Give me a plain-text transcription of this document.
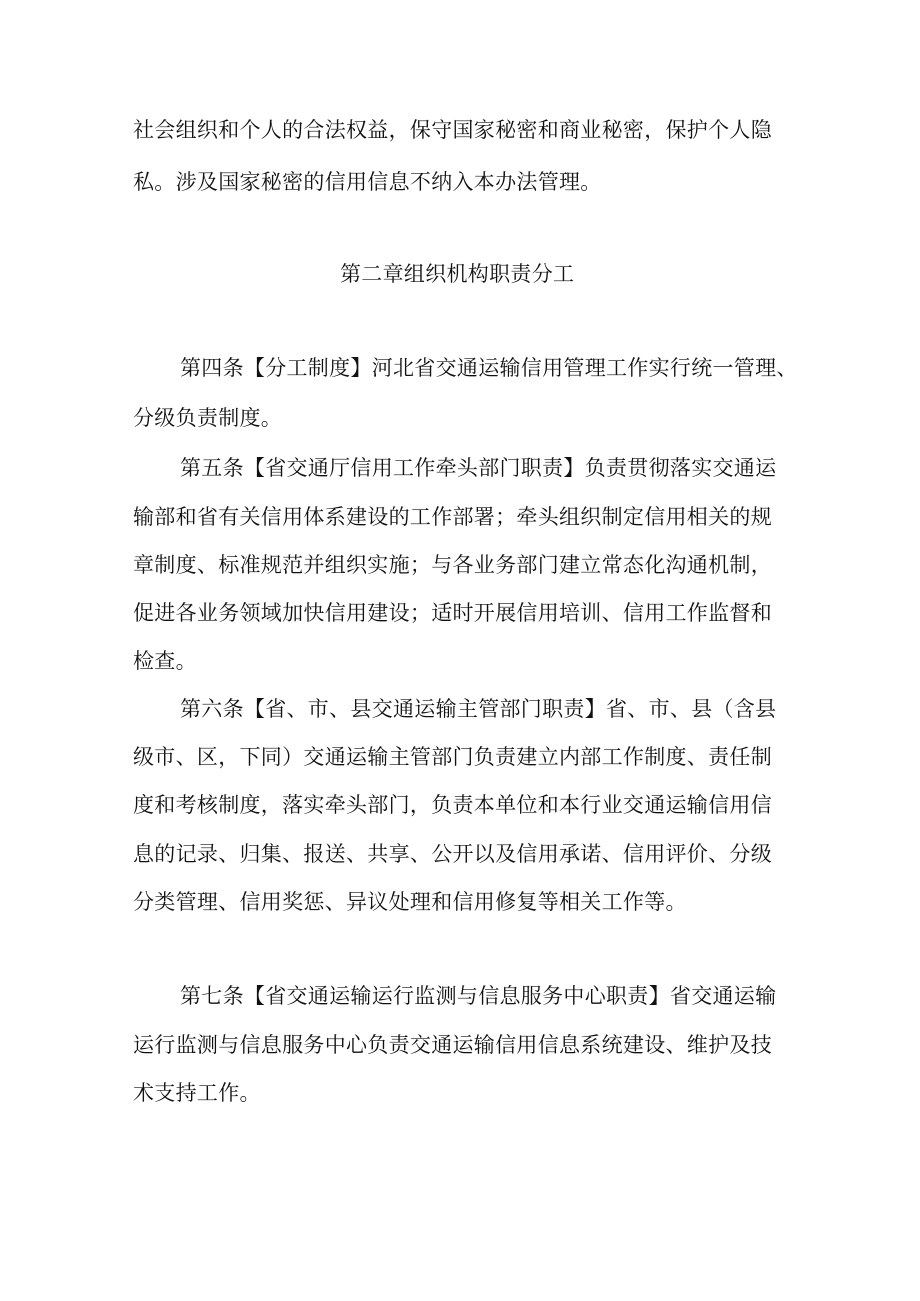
社会组织和个人的合法权益，保守国家秘密和商业秘密，保护个人隐
私。涉及国家秘密的信用信息不纳入本办法管理。
第二章组织机构职责分工
第四条【分工制度】河北省交通运输信用管理工作实行统一管理、
分级负责制度。
第五条【省交通厅信用工作牵头部门职责】负责贯彻落实交通运
输部和省有关信用体系建设的工作部署；牵头组织制定信用相关的规
章制度、标准规范并组织实施；与各业务部门建立常态化沟通机制，
促进各业务领域加快信用建设；适时开展信用培训、信用工作监督和
检查。
第六条【省、市、县交通运输主管部门职责】省、市、县（含县
级市、区，下同）交通运输主管部门负责建立内部工作制度、责任制
度和考核制度，落实牵头部门，负责本单位和本行业交通运输信用信
息的记录、归集、报送、共享、公开以及信用承诺、信用评价、分级
分类管理、信用奖惩、异议处理和信用修复等相关工作等。
第七条【省交通运输运行监测与信息服务中心职责】省交通运输
运行监测与信息服务中心负责交通运输信用信息系统建设、维护及技
术支持工作。
